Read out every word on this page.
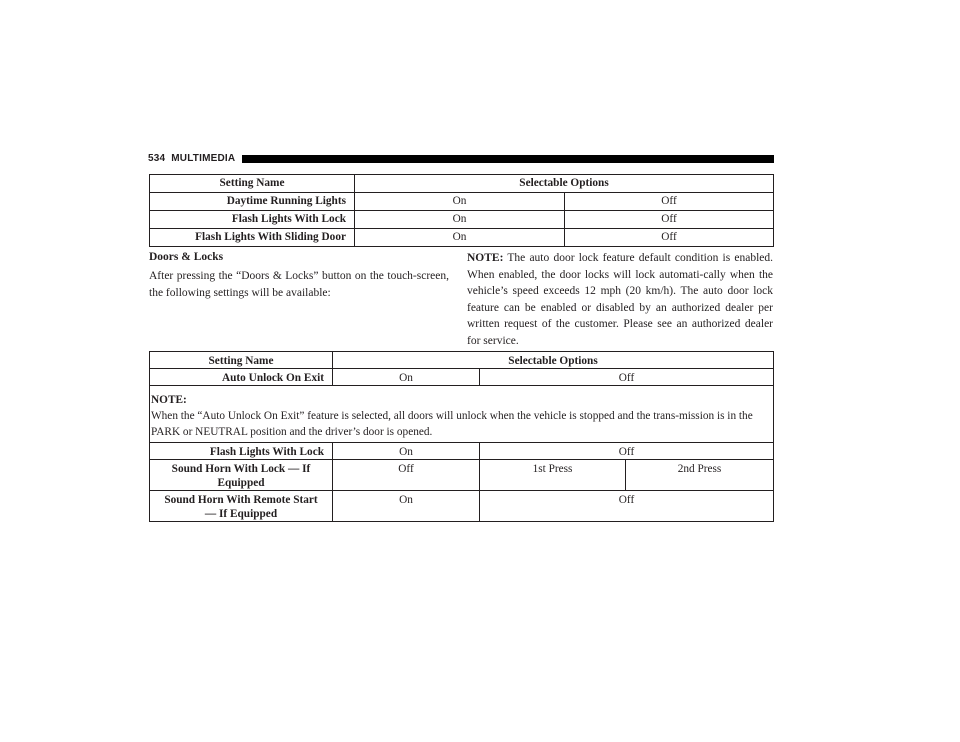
534 MULTIMEDIA
Setting Name	Selectable Options	
Daytime Running Lights	On	Off
Flash Lights With Lock	On	Off
Flash Lights With Sliding Door	On	Off
Doors & Locks
After pressing the “Doors & Locks” button on the touch-screen, the following settings will be available:
NOTE: The auto door lock feature default condition is enabled. When enabled, the door locks will lock automati-cally when the vehicle’s speed exceeds 12 mph (20 km/h). The auto door lock feature can be enabled or disabled by an authorized dealer per written request of the customer. Please see an authorized dealer for service.
Setting Name	Selectable Options		
Auto Unlock On Exit	On	Off	

NOTE:
When the “Auto Unlock On Exit” feature is selected, all doors will unlock when the vehicle is stopped and the trans-mission is in the PARK or NEUTRAL position and the driver’s door is opened.			
Flash Lights With Lock	On	Off	
Sound Horn With Lock — If
Equipped	Off	1st Press	2nd Press
Sound Horn With Remote Start
— If Equipped	On	Off	
